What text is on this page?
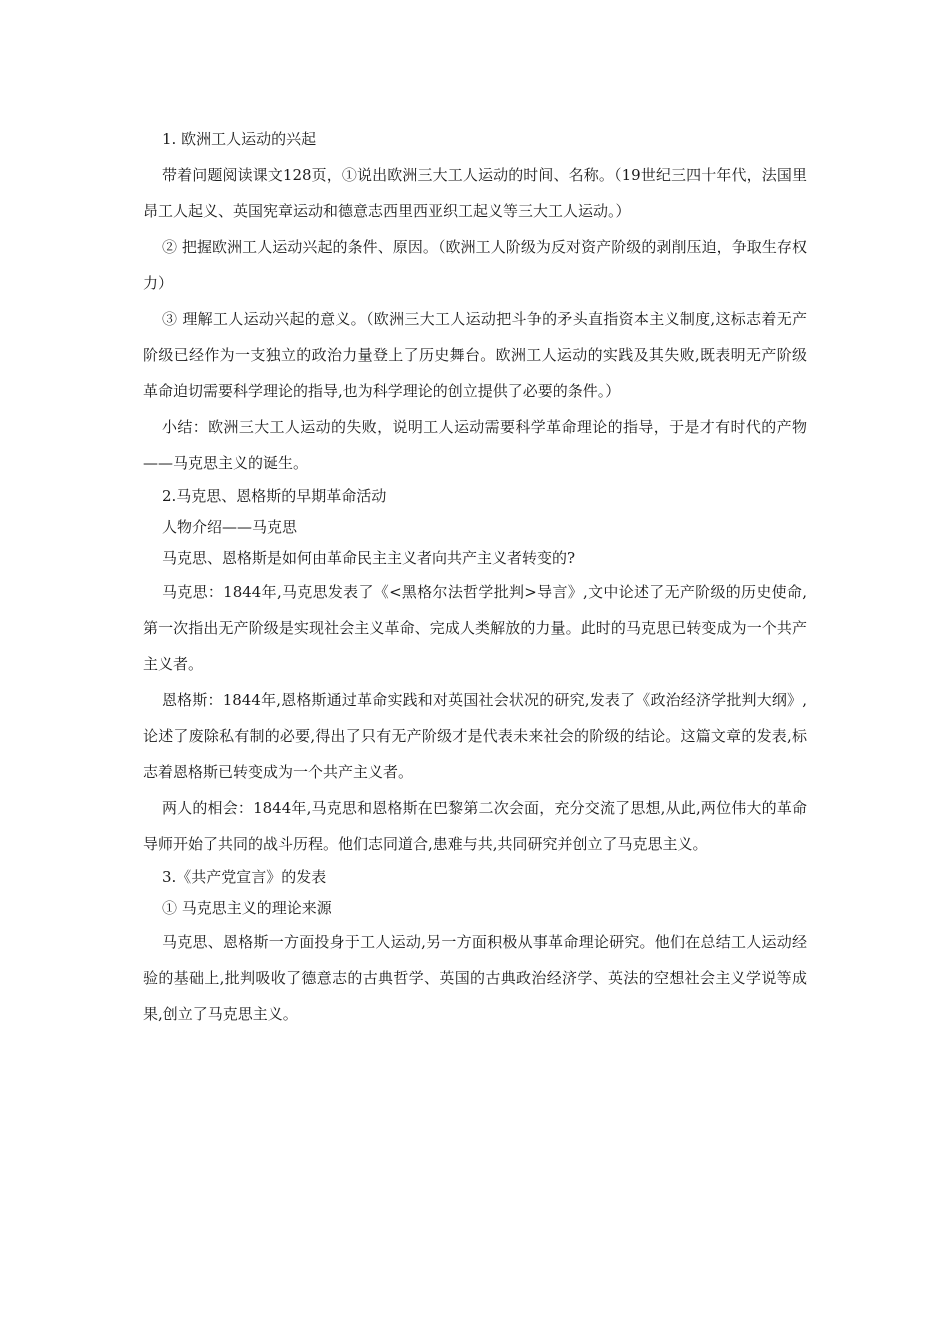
1. 欧洲工人运动的兴起

带着问题阅读课文128页，①说出欧洲三大工人运动的时间、名称。（19世纪三四十年代，法国里昂工人起义、英国宪章运动和德意志西里西亚织工起义等三大工人运动。）

② 把握欧洲工人运动兴起的条件、原因。（欧洲工人阶级为反对资产阶级的剥削压迫，争取生存权力）

③ 理解工人运动兴起的意义。（欧洲三大工人运动把斗争的矛头直指资本主义制度,这标志着无产阶级已经作为一支独立的政治力量登上了历史舞台。欧洲工人运动的实践及其失败,既表明无产阶级革命迫切需要科学理论的指导,也为科学理论的创立提供了必要的条件。）

小结：欧洲三大工人运动的失败，说明工人运动需要科学革命理论的指导，于是才有时代的产物——马克思主义的诞生。

2.马克思、恩格斯的早期革命活动

人物介绍——马克思

马克思、恩格斯是如何由革命民主主义者向共产主义者转变的?

马克思：1844年,马克思发表了《<黑格尔法哲学批判>导言》,文中论述了无产阶级的历史使命,第一次指出无产阶级是实现社会主义革命、完成人类解放的力量。此时的马克思已转变成为一个共产主义者。

恩格斯：1844年,恩格斯通过革命实践和对英国社会状况的研究,发表了《政治经济学批判大纲》,论述了废除私有制的必要,得出了只有无产阶级才是代表未来社会的阶级的结论。这篇文章的发表,标志着恩格斯已转变成为一个共产主义者。

两人的相会：1844年,马克思和恩格斯在巴黎第二次会面，充分交流了思想,从此,两位伟大的革命导师开始了共同的战斗历程。他们志同道合,患难与共,共同研究并创立了马克思主义。

3.《共产党宣言》的发表

① 马克思主义的理论来源

马克思、恩格斯一方面投身于工人运动,另一方面积极从事革命理论研究。他们在总结工人运动经验的基础上,批判吸收了德意志的古典哲学、英国的古典政治经济学、英法的空想社会主义学说等成果,创立了马克思主义。
